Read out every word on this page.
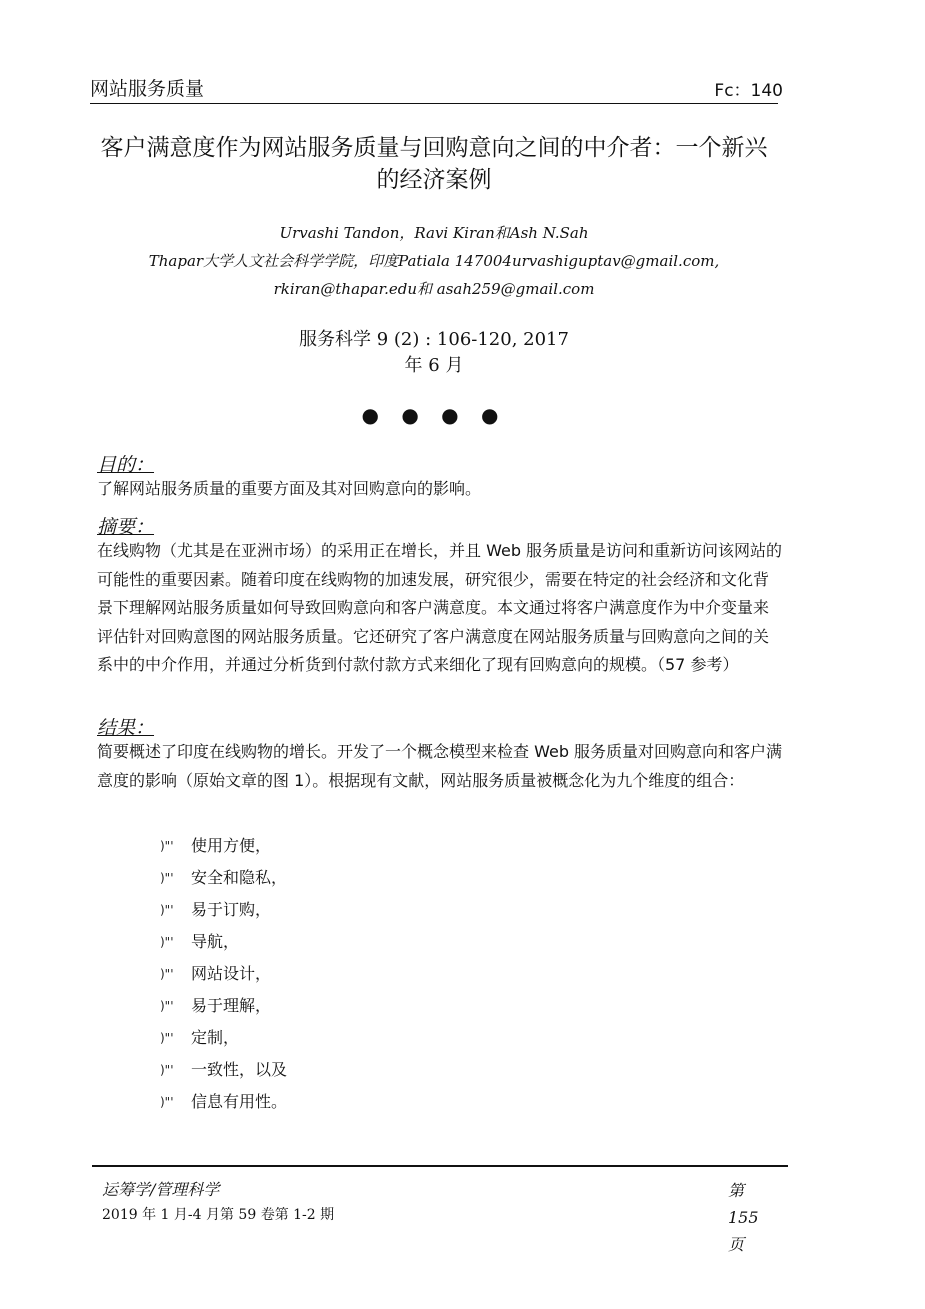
网站服务质量	Fc：140
客户满意度作为网站服务质量与回购意向之间的中介者：一个新兴的经济案例
Urvashi Tandon，Ravi Kiran和Ash N.Sah
Thapar大学人文社会科学学院，印度Patiala 147004urvashiguptav@gmail.com,
rkiran@thapar.edu和 asah259@gmail.com
服务科学 9 (2) : 106-120, 2017
年 6 月
● ● ● ●
目的：
了解网站服务质量的重要方面及其对回购意向的影响。
摘要：
在线购物（尤其是在亚洲市场）的采用正在增长，并且 Web 服务质量是访问和重新访问该网站的可能性的重要因素。随着印度在线购物的加速发展，研究很少，需要在特定的社会经济和文化背景下理解网站服务质量如何导致回购意向和客户满意度。本文通过将客户满意度作为中介变量来评估针对回购意图的网站服务质量。它还研究了客户满意度在网站服务质量与回购意向之间的关系中的中介作用，并通过分析货到付款付款方式来细化了现有回购意向的规模。（57 参考）
结果：
简要概述了印度在线购物的增长。开发了一个概念模型来检查 Web 服务质量对回购意向和客户满意度的影响（原始文章的图 1）。根据现有文献，网站服务质量被概念化为九个维度的组合：
)"'	使用方便，
)"'	安全和隐私，
)"'	易于订购，
)"'	导航，
)"'	网站设计，
)"'	易于理解，
)"'	定制，
)"'	一致性，以及
)"'	信息有用性。
运筹学/管理科学
2019 年 1 月-4 月第 59 卷第 1-2 期
第
155
页
